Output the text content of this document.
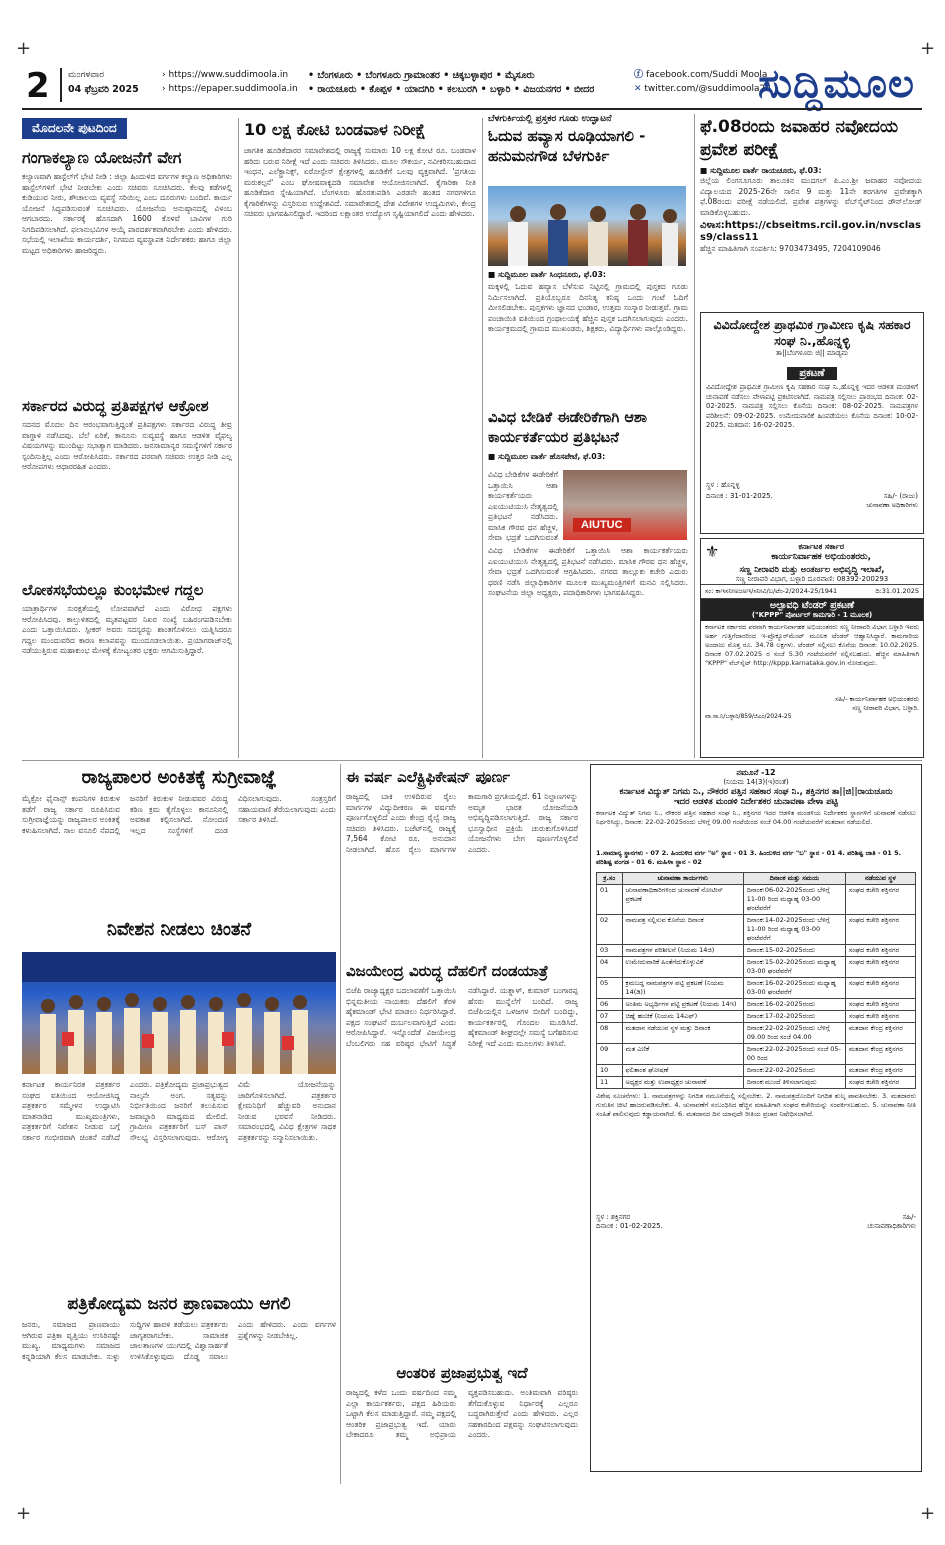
+	+
+	+
2 ಮಂಗಳವಾರ
04 ಫೆಬ್ರವರಿ 2025
› https://www.suddimoola.in
› https://epaper.suddimoola.in
• ಬೆಂಗಳೂರು • ಬೆಂಗಳೂರು ಗ್ರಾಮಾಂತರ • ಚಿಕ್ಕಬಳ್ಳಾಪುರ • ಮೈಸೂರು
• ರಾಯಚೂರು • ಕೊಪ್ಪಳ • ಯಾದಗಿರಿ • ಕಲಬುರಗಿ • ಬಳ್ಳಾರಿ • ವಿಜಯನಗರ • ಬೀದರ
ⓕ facebook.com/Suddi Moola
✕ twitter.com/@suddimoola22
ಸುದ್ದಿಮೂಲ
ಮೊದಲನೇ ಪುಟದಿಂದ
ಗಂಗಾಕಲ್ಯಾಣ ಯೋಜನೆಗೆ ವೇಗ
ಕಲ್ಯಾಣವಾಗಿ ಹಾಸ್ಟೆಲ್‌ಗೆ ಭೇಟಿ ನೀಡಿ : ಜಿಲ್ಲಾ ಹಿಂದುಳಿದ ವರ್ಗಗಳ ಕಲ್ಯಾಣ ಅಧಿಕಾರಿಗಳು ಹಾಸ್ಟೆಲ್‌ಗಳಿಗೆ ಭೇಟಿ ನೀಡಬೇಕು ಎಂದು ಸಚಿವರು ಸೂಚಿಸಿದರು. ಕೆಲವು ಕಡೆಗಳಲ್ಲಿ ಕುಡಿಯುವ ನೀರು, ಶೌಚಾಲಯ ವ್ಯವಸ್ಥೆ ಸರಿಯಿಲ್ಲ ಎಂಬ ದೂರುಗಳು ಬಂದಿವೆ. ಕಾರ್ಯ ಯೋಜನೆ ಸಿದ್ಧಪಡಿಸುವಂತೆ ಸೂಚಿಸಿದರು. ಯೋಜನೆಯ ಅನುಷ್ಠಾನದಲ್ಲಿ ವಿಳಂಬ ಆಗಬಾರದು. ಸರ್ಕಾರಕ್ಕೆ ಹೊಸದಾಗಿ 1600 ಕೊಳವೆ ಬಾವಿಗಳ ಗುರಿ ನಿಗದಿಪಡಿಸಲಾಗಿದೆ. ಫಲಾನುಭವಿಗಳ ಆಯ್ಕೆ ಪಾರದರ್ಶಕವಾಗಿರಬೇಕು ಎಂದು ಹೇಳಿದರು. ಸಭೆಯಲ್ಲಿ ಇಲಾಖೆಯ ಕಾರ್ಯದರ್ಶಿ, ನಿಗಮದ ವ್ಯವಸ್ಥಾಪಕ ನಿರ್ದೇಶಕರು ಹಾಗೂ ಜಿಲ್ಲಾ ಮಟ್ಟದ ಅಧಿಕಾರಿಗಳು ಹಾಜರಿದ್ದರು.
ಸರ್ಕಾರದ ವಿರುದ್ಧ ಪ್ರತಿಪಕ್ಷಗಳ ಆಕ್ರೋಶ
ಸದನದ ಮೊದಲ ದಿನ ಆರಂಭವಾಗುತ್ತಿದ್ದಂತೆ ಪ್ರತಿಪಕ್ಷಗಳು ಸರ್ಕಾರದ ವಿರುದ್ಧ ತೀವ್ರ ವಾಗ್ದಾಳಿ ನಡೆಸಿದವು. ಬೆಲೆ ಏರಿಕೆ, ಕಾನೂನು ಸುವ್ಯವಸ್ಥೆ ಹಾಗೂ ಆಡಳಿತ ವೈಫಲ್ಯ ವಿಷಯಗಳನ್ನು ಮುಂದಿಟ್ಟು ಸಭಾತ್ಯಾಗ ಮಾಡಿದರು. ಜನಸಾಮಾನ್ಯರ ಸಮಸ್ಯೆಗಳಿಗೆ ಸರ್ಕಾರ ಸ್ಪಂದಿಸುತ್ತಿಲ್ಲ ಎಂದು ಆರೋಪಿಸಿದರು. ಸರ್ಕಾರದ ಪರವಾಗಿ ಸಚಿವರು ಉತ್ತರ ನೀಡಿ ಎಲ್ಲ ಆರೋಪಗಳು ಆಧಾರರಹಿತ ಎಂದರು.
ಲೋಕಸಭೆಯಲ್ಲೂ ಕುಂಭಮೇಳ ಗದ್ದಲ
ಯಾತ್ರಾರ್ಥಿಗಳ ಸುರಕ್ಷತೆಯಲ್ಲಿ ಲೋಪವಾಗಿದೆ ಎಂದು ವಿರೋಧ ಪಕ್ಷಗಳು ಆರೋಪಿಸಿದವು. ಕಾಲ್ತುಳಿತದಲ್ಲಿ ಮೃತಪಟ್ಟವರ ನಿಖರ ಸಂಖ್ಯೆ ಬಹಿರಂಗಪಡಿಸಬೇಕು ಎಂದು ಒತ್ತಾಯಿಸಿದರು. ಸ್ಪೀಕರ್ ಅವರು ಸದಸ್ಯರನ್ನು ಶಾಂತಗೊಳಿಸಲು ಯತ್ನಿಸಿದರೂ ಗದ್ದಲ ಮುಂದುವರಿದ ಕಾರಣ ಕಲಾಪವನ್ನು ಮುಂದೂಡಲಾಯಿತು. ಪ್ರಯಾಗರಾಜ್‌ನಲ್ಲಿ ನಡೆಯುತ್ತಿರುವ ಮಹಾಕುಂಭ ಮೇಳಕ್ಕೆ ಕೋಟ್ಯಂತರ ಭಕ್ತರು ಆಗಮಿಸುತ್ತಿದ್ದಾರೆ.
10 ಲಕ್ಷ ಕೋಟಿ ಬಂಡವಾಳ ನಿರೀಕ್ಷೆ
ಜಾಗತಿಕ ಹೂಡಿಕೆದಾರರ ಸಮಾವೇಶದಲ್ಲಿ ರಾಜ್ಯಕ್ಕೆ ಸುಮಾರು 10 ಲಕ್ಷ ಕೋಟಿ ರೂ. ಬಂಡವಾಳ ಹರಿದು ಬರುವ ನಿರೀಕ್ಷೆ ಇದೆ ಎಂದು ಸಚಿವರು ತಿಳಿಸಿದರು. ಮೂಲ ಸೌಕರ್ಯ, ನವೀಕರಿಸಬಹುದಾದ ಇಂಧನ, ಎಲೆಕ್ಟ್ರಾನಿಕ್ಸ್, ಏರೋಸ್ಪೇಸ್ ಕ್ಷೇತ್ರಗಳಲ್ಲಿ ಹೂಡಿಕೆಗೆ ಒಲವು ವ್ಯಕ್ತವಾಗಿದೆ. 'ಪ್ರಗತಿಯ ಮರುಕಲ್ಪನೆ' ಎಂಬ ಘೋಷವಾಕ್ಯದಡಿ ಸಮಾವೇಶ ಆಯೋಜಿಸಲಾಗಿದೆ. ಕೈಗಾರಿಕಾ ನೀತಿ ಹೂಡಿಕೆದಾರ ಸ್ನೇಹಿಯಾಗಿದೆ. ಬೆಂಗಳೂರು ಹೊರತುಪಡಿಸಿ ಎರಡನೇ ಹಂತದ ನಗರಗಳಿಗೂ ಕೈಗಾರಿಕೆಗಳನ್ನು ವಿಸ್ತರಿಸುವ ಉದ್ದೇಶವಿದೆ. ಸಮಾವೇಶದಲ್ಲಿ ದೇಶ ವಿದೇಶಗಳ ಉದ್ಯಮಿಗಳು, ಕೇಂದ್ರ ಸಚಿವರು ಭಾಗವಹಿಸಲಿದ್ದಾರೆ. ಇದರಿಂದ ಲಕ್ಷಾಂತರ ಉದ್ಯೋಗ ಸೃಷ್ಟಿಯಾಗಲಿದೆ ಎಂದು ಹೇಳಿದರು.
ಬೆಳಗುರ್ಕಿಯಲ್ಲಿ ಪ್ರಸ್ತಕರ ಗೂಡು ಉದ್ಘಾಟನೆ
ಓದುವ ಹವ್ಯಾಸ ರೂಢಿಯಾಗಲಿ - ಹನುಮನಗೌಡ ಬೆಳಗುರ್ಕಿ
■ ಸುದ್ದಿಮೂಲ ವಾರ್ತೆ ಸಿಂಧನೂರು, ಫೆ.03:
ಮಕ್ಕಳಲ್ಲಿ ಓದುವ ಹವ್ಯಾಸ ಬೆಳೆಸುವ ನಿಟ್ಟಿನಲ್ಲಿ ಗ್ರಾಮದಲ್ಲಿ ಪುಸ್ತಕದ ಗೂಡು ನಿರ್ಮಿಸಲಾಗಿದೆ. ಪ್ರತಿಯೊಬ್ಬರೂ ದಿನನಿತ್ಯ ಕನಿಷ್ಠ ಒಂದು ಗಂಟೆ ಓದಿಗೆ ಮೀಸಲಿಡಬೇಕು. ಪುಸ್ತಕಗಳು ಜ್ಞಾನದ ಭಂಡಾರ, ಉತ್ತಮ ಸಂಸ್ಕಾರ ನೀಡುತ್ತವೆ. ಗ್ರಾಮ ಪಂಚಾಯಿತಿ ವತಿಯಿಂದ ಗ್ರಂಥಾಲಯಕ್ಕೆ ಹೆಚ್ಚಿನ ಪುಸ್ತಕ ಒದಗಿಸಲಾಗುವುದು ಎಂದರು. ಕಾರ್ಯಕ್ರಮದಲ್ಲಿ ಗ್ರಾಮದ ಮುಖಂಡರು, ಶಿಕ್ಷಕರು, ವಿದ್ಯಾರ್ಥಿಗಳು ಪಾಲ್ಗೊಂಡಿದ್ದರು.
ವಿವಿಧ ಬೇಡಿಕೆ ಈಡೇರಿಕೆಗಾಗಿ ಆಶಾ ಕಾರ್ಯಕರ್ತೆಯರ ಪ್ರತಿಭಟನೆ
■ ಸುದ್ದಿಮೂಲ ವಾರ್ತೆ ಹೊಸಪೇಟೆ, ಫೆ.03:
AIUTUC
ವಿವಿಧ ಬೇಡಿಕೆಗಳ ಈಡೇರಿಕೆಗೆ ಒತ್ತಾಯಿಸಿ ಆಶಾ ಕಾರ್ಯಕರ್ತೆಯರು ಎಐಯುಟಿಯುಸಿ ನೇತೃತ್ವದಲ್ಲಿ ಪ್ರತಿಭಟನೆ ನಡೆಸಿದರು. ಮಾಸಿಕ ಗೌರವ ಧನ ಹೆಚ್ಚಳ, ಸೇವಾ ಭದ್ರತೆ ಒದಗಿಸುವಂತೆ
ವಿವಿಧ ಬೇಡಿಕೆಗಳ ಈಡೇರಿಕೆಗೆ ಒತ್ತಾಯಿಸಿ ಆಶಾ ಕಾರ್ಯಕರ್ತೆಯರು ಎಐಯುಟಿಯುಸಿ ನೇತೃತ್ವದಲ್ಲಿ ಪ್ರತಿಭಟನೆ ನಡೆಸಿದರು. ಮಾಸಿಕ ಗೌರವ ಧನ ಹೆಚ್ಚಳ, ಸೇವಾ ಭದ್ರತೆ ಒದಗಿಸುವಂತೆ ಆಗ್ರಹಿಸಿದರು. ನಗರದ ತಾಲ್ಲೂಕು ಕಚೇರಿ ಎದುರು ಧರಣಿ ನಡೆಸಿ ಜಿಲ್ಲಾಧಿಕಾರಿಗಳ ಮೂಲಕ ಮುಖ್ಯಮಂತ್ರಿಗಳಿಗೆ ಮನವಿ ಸಲ್ಲಿಸಿದರು. ಸಂಘಟನೆಯ ಜಿಲ್ಲಾ ಅಧ್ಯಕ್ಷರು, ಪದಾಧಿಕಾರಿಗಳು ಭಾಗವಹಿಸಿದ್ದರು.
ಫೆ.08ರಂದು ಜವಾಹರ ನವೋದಯ ಪ್ರವೇಶ ಪರೀಕ್ಷೆ
■ ಸುದ್ದಿಮೂಲ ವಾರ್ತೆ ರಾಯಚೂರು, ಫೆ.03:
ಜಿಲ್ಲೆಯ ಲಿಂಗಸೂಗೂರು ತಾಲೂಕಿನ ಮುದಗಲ್ ಪಿ.ಎಂ.ಶ್ರೀ ಜವಾಹರ ನವೋದಯ ವಿದ್ಯಾಲಯದ 2025-26ನೇ ಸಾಲಿನ 9 ಮತ್ತು 11ನೇ ತರಗತಿಗಳ ಪ್ರವೇಶಕ್ಕಾಗಿ ಫೆ.08ರಂದು ಪರೀಕ್ಷೆ ನಡೆಯಲಿದೆ. ಪ್ರವೇಶ ಪತ್ರಗಳನ್ನು ವೆಬ್‌ಸೈಟ್‌ನಿಂದ ಡೌನ್‌ಲೋಡ್ ಮಾಡಿಕೊಳ್ಳಬಹುದು.
ವಿಳಾಸ:https://cbseitms.rcil.gov.in/nvsclass9/class11
ಹೆಚ್ಚಿನ ಮಾಹಿತಿಗಾಗಿ ಸಂಪರ್ಕಿಸಿ: 9703473495, 7204109046
ವಿವಿದೋದ್ದೇಶ ಪ್ರಾಥಮಿಕ ಗ್ರಾಮೀಣ ಕೃಷಿ ಸಹಕಾರ ಸಂಘ ನಿ.,ಹೊನ್ನಳ್ಳಿ
ತಾ||ಬೆಂಗಳೂರು ಜಿ|| ಮಾಡ್ಯಮ
ಪ್ರಕಟಣೆ
ವಿವಿದೋದ್ದೇಶ ಪ್ರಾಥಮಿಕ ಗ್ರಾಮೀಣ ಕೃಷಿ ಸಹಕಾರ ಸಂಘ ನಿ.,ಹೊನ್ನಳ್ಳಿ ಇದರ ಆಡಳಿತ ಮಂಡಳಿಗೆ ಚುನಾವಣೆ ನಡೆಸಲು ವೇಳಾಪಟ್ಟಿ ಪ್ರಕಟಿಸಲಾಗಿದೆ. ನಾಮಪತ್ರ ಸಲ್ಲಿಸಲು ಪ್ರಾರಂಭದ ದಿನಾಂಕ: 02-02-2025. ನಾಮಪತ್ರ ಸಲ್ಲಿಸಲು ಕೊನೆಯ ದಿನಾಂಕ: 08-02-2025. ನಾಮಪತ್ರಗಳ ಪರಿಶೀಲನೆ: 09-02-2025. ಉಮೇದುವಾರಿಕೆ ಹಿಂಪಡೆಯಲು ಕೊನೆಯ ದಿನಾಂಕ: 10-02-2025. ಮತದಾನ: 16-02-2025.
ಸ್ಥಳ : ಹೊನ್ನಳ್ಳಿ
ದಿನಾಂಕ : 31-01-2025.	ಸಹಿ/- (ರಾಜು)
ಚುನಾವಣಾ ಅಧಿಕಾರಿಗಳು
⚜	ಕರ್ನಾಟಕ ಸರ್ಕಾರ
ಕಾರ್ಯನಿರ್ವಾಹಕ ಅಭಿಯಂತರರು,
ಸಣ್ಣ ನೀರಾವರಿ ಮತ್ತು ಅಂತರ್ಜಲ ಅಭಿವೃದ್ಧಿ ಇಲಾಖೆ,
ಸಣ್ಣ ನೀರಾವರಿ ವಿಭಾಗ, ಬಳ್ಳಾರಿ ದೂರವಾಣಿ: 08392-200293
ಸಂ: ಕಾಇಸನೀಅಜಅಇ/ಸನೀವಿ/ಬ/ಟೆಂ-2/2024-25/1941	ದಿ:31.01.2025
ಅಲ್ಪಾವಧಿ ಟೆಂಡರ್ ಪ್ರಕಟಣೆ
("KPPP" ಪೋರ್ಟಲ್ ಕಾಮಗಾರಿ - 1 ಮೂಲಕ)
ಕರ್ನಾಟಕ ಸರ್ಕಾರದ ಪರವಾಗಿ ಕಾರ್ಯನಿರ್ವಾಹಕ ಅಭಿಯಂತರರು ಸಣ್ಣ ನೀರಾವರಿ ವಿಭಾಗ ಬಳ್ಳಾರಿ ಇವರು ಅರ್ಹ ಗುತ್ತಿಗೆದಾರರಿಂದ ಇ-ಪ್ರೊಕ್ಯೂರ್‌ಮೆಂಟ್ ಮೂಲಕ ಟೆಂಡರ್ ಆಹ್ವಾನಿಸಿದ್ದಾರೆ. ಕಾಮಗಾರಿಯ ಅಂದಾಜು ಮೊತ್ತ ರೂ. 34.78 ಲಕ್ಷಗಳು. ಟೆಂಡರ್ ಸಲ್ಲಿಸಲು ಕೊನೆಯ ದಿನಾಂಕ: 10.02.2025. ದಿನಾಂಕ 07.02.2025 ರ ಸಂಜೆ 5.30 ಗಂಟೆಯವರೆಗೆ ಸಲ್ಲಿಸಬಹುದು. ಹೆಚ್ಚಿನ ಮಾಹಿತಿಗಾಗಿ "KPPP" ವೆಬ್‌ಸೈಟ್ http://kppp.karnataka.gov.in ನೋಡುವುದು.
ಸಹಿ/- ಕಾರ್ಯನಿರ್ವಾಹಕ ಅಭಿಯಂತರರು
ಸಣ್ಣ ನೀರಾವರಿ ವಿಭಾಗ, ಬಳ್ಳಾರಿ.
ವಾ.ಸಾ.ನಿ/ಬಳ್ಳಾರಿ/859/ಜಿಎಂ/2024-25
ರಾಜ್ಯಪಾಲರ ಅಂಕಿತಕ್ಕೆ ಸುಗ್ರೀವಾಜ್ಞೆ
ಮೈಕ್ರೋ ಫೈನಾನ್ಸ್ ಕಂಪನಿಗಳ ಕಿರುಕುಳ ತಡೆಗೆ ರಾಜ್ಯ ಸರ್ಕಾರ ರೂಪಿಸಿರುವ ಸುಗ್ರೀವಾಜ್ಞೆಯನ್ನು ರಾಜ್ಯಪಾಲರ ಅಂಕಿತಕ್ಕೆ ಕಳುಹಿಸಲಾಗಿದೆ. ಸಾಲ ವಸೂಲಿ ನೆಪದಲ್ಲಿ ಜನರಿಗೆ ಕಿರುಕುಳ ನೀಡುವವರ ವಿರುದ್ಧ ಕಠಿಣ ಕ್ರಮ ಕೈಗೊಳ್ಳಲು ಕಾನೂನಿನಲ್ಲಿ ಅವಕಾಶ ಕಲ್ಪಿಸಲಾಗಿದೆ. ನೋಂದಣಿ ಇಲ್ಲದ ಸಂಸ್ಥೆಗಳಿಗೆ ದಂಡ ವಿಧಿಸಲಾಗುವುದು. ಸಂತ್ರಸ್ತರಿಗೆ ಸಹಾಯವಾಣಿ ತೆರೆಯಲಾಗುವುದು ಎಂದು ಸರ್ಕಾರ ತಿಳಿಸಿದೆ.
ನಿವೇಶನ ನೀಡಲು ಚಿಂತನೆ
ಕರ್ನಾಟಕ ಕಾರ್ಯನಿರತ ಪತ್ರಕರ್ತರ ಸಂಘದ ವತಿಯಿಂದ ಆಯೋಜಿಸಿದ್ದ ಪತ್ರಕರ್ತರ ಸಮ್ಮೇಳನ ಉದ್ಘಾಟಿಸಿ ಮಾತನಾಡಿದ ಮುಖ್ಯಮಂತ್ರಿಗಳು, ಪತ್ರಕರ್ತರಿಗೆ ನಿವೇಶನ ನೀಡುವ ಬಗ್ಗೆ ಸರ್ಕಾರ ಗಂಭೀರವಾಗಿ ಚಿಂತನೆ ನಡೆಸಿದೆ ಎಂದರು. ಪತ್ರಿಕೋದ್ಯಮ ಪ್ರಜಾಪ್ರಭುತ್ವದ ನಾಲ್ಕನೇ ಅಂಗ. ಸತ್ಯವನ್ನು ನಿರ್ಭೀತಿಯಿಂದ ಜನರಿಗೆ ತಲುಪಿಸುವ ಜವಾಬ್ದಾರಿ ಮಾಧ್ಯಮದ ಮೇಲಿದೆ. ಗ್ರಾಮೀಣ ಪತ್ರಕರ್ತರಿಗೆ ಬಸ್ ಪಾಸ್ ಸೌಲಭ್ಯ ವಿಸ್ತರಿಸಲಾಗುವುದು. ಆರೋಗ್ಯ ವಿಮೆ ಯೋಜನೆಯನ್ನು ಜಾರಿಗೊಳಿಸಲಾಗಿದೆ. ಪತ್ರಕರ್ತರ ಕ್ಷೇಮನಿಧಿಗೆ ಹೆಚ್ಚುವರಿ ಅನುದಾನ ನೀಡುವ ಭರವಸೆ ನೀಡಿದರು. ಸಮಾರಂಭದಲ್ಲಿ ವಿವಿಧ ಕ್ಷೇತ್ರಗಳ ಸಾಧಕ ಪತ್ರಕರ್ತರನ್ನು ಸನ್ಮಾನಿಸಲಾಯಿತು.
ಪತ್ರಿಕೋದ್ಯಮ ಜನರ ಪ್ರಾಣವಾಯು ಆಗಲಿ
ಜನರು, ಸಮಾಜದ ಪ್ರಾಣವಾಯು ಆಗಿರುವ ಪತ್ರಿಕಾ ವೃತ್ತಿಯು ಉಸಿರಿನಷ್ಟೇ ಮುಖ್ಯ. ಮಾಧ್ಯಮಗಳು ಸಮಾಜದ ಕನ್ನಡಿಯಾಗಿ ಕೆಲಸ ಮಾಡಬೇಕು. ಸುಳ್ಳು ಸುದ್ದಿಗಳ ಹಾವಳಿ ತಡೆಯಲು ಪತ್ರಕರ್ತರು ಜಾಗೃತರಾಗಬೇಕು. ಸಾಮಾಜಿಕ ಜಾಲತಾಣಗಳ ಯುಗದಲ್ಲಿ ವಿಶ್ವಾಸಾರ್ಹತೆ ಉಳಿಸಿಕೊಳ್ಳುವುದು ದೊಡ್ಡ ಸವಾಲು ಎಂದು ಹೇಳಿದರು. ಎಂದು ವರ್ಗಗಳ ಪ್ರಶ್ನೆಗಳನ್ನು ನೀಡಬೇಕಿಲ್ಲ.
ಈ ವರ್ಷ ಎಲೆಕ್ಟ್ರಿಫಿಕೇಷನ್ ಪೂರ್ಣ
ರಾಜ್ಯದಲ್ಲಿ ಬಾಕಿ ಉಳಿದಿರುವ ರೈಲು ಮಾರ್ಗಗಳ ವಿದ್ಯುದೀಕರಣ ಈ ವರ್ಷವೇ ಪೂರ್ಣಗೊಳ್ಳಲಿದೆ ಎಂದು ಕೇಂದ್ರ ರೈಲ್ವೆ ರಾಜ್ಯ ಸಚಿವರು ತಿಳಿಸಿದರು. ಬಜೆಟ್‌ನಲ್ಲಿ ರಾಜ್ಯಕ್ಕೆ 7,564 ಕೋಟಿ ರೂ. ಅನುದಾನ ನೀಡಲಾಗಿದೆ. ಹೊಸ ರೈಲು ಮಾರ್ಗಗಳ ಕಾಮಗಾರಿ ಪ್ರಗತಿಯಲ್ಲಿದೆ. 61 ನಿಲ್ದಾಣಗಳನ್ನು ಅಮೃತ ಭಾರತ ಯೋಜನೆಯಡಿ ಅಭಿವೃದ್ಧಿಪಡಿಸಲಾಗುತ್ತಿದೆ. ರಾಜ್ಯ ಸರ್ಕಾರ ಭೂಸ್ವಾಧೀನ ಪ್ರಕ್ರಿಯೆ ಚುರುಕುಗೊಳಿಸಿದರೆ ಯೋಜನೆಗಳು ಬೇಗ ಪೂರ್ಣಗೊಳ್ಳಲಿವೆ ಎಂದರು.
ವಿಜಯೇಂದ್ರ ವಿರುದ್ಧ ದೆಹಲಿಗೆ ದಂಡಯಾತ್ರೆ
ಬಿಜೆಪಿ ರಾಜ್ಯಾಧ್ಯಕ್ಷರ ಬದಲಾವಣೆಗೆ ಒತ್ತಾಯಿಸಿ ಭಿನ್ನಮತೀಯ ನಾಯಕರು ದೆಹಲಿಗೆ ತೆರಳಿ ಹೈಕಮಾಂಡ್ ಭೇಟಿ ಮಾಡಲು ನಿರ್ಧರಿಸಿದ್ದಾರೆ. ಪಕ್ಷದ ಸಂಘಟನೆ ದುರ್ಬಲವಾಗುತ್ತಿದೆ ಎಂದು ಆರೋಪಿಸಿದ್ದಾರೆ. ಇನ್ನೊಂದೆಡೆ ವಿಜಯೇಂದ್ರ ಬೆಂಬಲಿಗರು ಸಹ ವರಿಷ್ಠರ ಭೇಟಿಗೆ ಸಿದ್ಧತೆ ನಡೆಸಿದ್ದಾರೆ. ಯತ್ನಾಳ್, ಕುಮಾರ್ ಬಂಗಾರಪ್ಪ ಹೆಸರು ಮುನ್ನೆಲೆಗೆ ಬಂದಿದೆ. ರಾಜ್ಯ ಬಿಜೆಪಿಯಲ್ಲಿನ ಒಳಜಗಳ ಬೀದಿಗೆ ಬಂದಿದ್ದು, ಕಾರ್ಯಕರ್ತರಲ್ಲಿ ಗೊಂದಲ ಮೂಡಿಸಿದೆ. ಹೈಕಮಾಂಡ್ ಶೀಘ್ರದಲ್ಲೇ ಸಮಸ್ಯೆ ಬಗೆಹರಿಸುವ ನಿರೀಕ್ಷೆ ಇದೆ ಎಂದು ಮೂಲಗಳು ತಿಳಿಸಿವೆ.
ಆಂತರಿಕ ಪ್ರಜಾಪ್ರಭುತ್ವ ಇದೆ
ರಾಜ್ಯದಲ್ಲಿ ಕಳೆದ ಒಂದು ವರ್ಷದಿಂದ ನಮ್ಮ ಎಲ್ಲಾ ಕಾರ್ಯಕರ್ತರು, ಪಕ್ಷದ ಹಿರಿಯರು ಒಟ್ಟಾಗಿ ಕೆಲಸ ಮಾಡುತ್ತಿದ್ದಾರೆ. ನಮ್ಮ ಪಕ್ಷದಲ್ಲಿ ಆಂತರಿಕ ಪ್ರಜಾಪ್ರಭುತ್ವ ಇದೆ. ಯಾರು ಬೇಕಾದರೂ ತಮ್ಮ ಅಭಿಪ್ರಾಯ ವ್ಯಕ್ತಪಡಿಸಬಹುದು. ಅಂತಿಮವಾಗಿ ವರಿಷ್ಠರು ತೆಗೆದುಕೊಳ್ಳುವ ನಿರ್ಧಾರಕ್ಕೆ ಎಲ್ಲರೂ ಬದ್ಧರಾಗಿರುತ್ತೇವೆ ಎಂದು ಹೇಳಿದರು. ಎಲ್ಲರ ಸಹಕಾರದಿಂದ ಪಕ್ಷವನ್ನು ಸಂಘಟಿಸಲಾಗುವುದು ಎಂದರು.
ನಮೂನೆ -12
(ನಿಯಮ 14(3)(ಇ)ರಂತೆ)
ಕರ್ನಾಟಕ ವಿದ್ಯುತ್ ನಿಗಮ ನಿ., ನೌಕರರ ಪತ್ತಿನ ಸಹಕಾರ ಸಂಘ ನಿ., ಶಕ್ತಿನಗರ ತಾ||ಜಿ||ರಾಯಚೂರು
ಇದರ ಆಡಳಿತ ಮಂಡಳಿ ನಿರ್ದೇಶಕರ ಚುನಾವಣಾ ವೇಳಾ ಪಟ್ಟಿ
ಕರ್ನಾಟಕ ವಿದ್ಯುತ್ ನಿಗಮ ನಿ., ನೌಕರರ ಪತ್ತಿನ ಸಹಕಾರ ಸಂಘ ನಿ., ಶಕ್ತಿನಗರ ಇದರ ಆಡಳಿತ ಮಂಡಳಿಯ ನಿರ್ದೇಶಕರ ಸ್ಥಾನಗಳಿಗೆ ಚುನಾವಣೆ ನಡೆಸಲು ನಿರ್ಧರಿಸಿದ್ದು, ದಿನಾಂಕ: 22-02-2025ರಂದು ಬೆಳಿಗ್ಗೆ 09.00 ಗಂಟೆಯಿಂದ ಸಂಜೆ 04.00 ಗಂಟೆಯವರೆಗೆ ಮತದಾನ ನಡೆಯಲಿದೆ.
1.ಸಾಮಾನ್ಯ ಸ್ಥಾನಗಳು - 07 2. ಹಿಂದುಳಿದ ವರ್ಗ "ಅ" ಸ್ಥಾನ - 01 3. ಹಿಂದುಳಿದ ವರ್ಗ "ಬ" ಸ್ಥಾನ - 01 4. ಪರಿಶಿಷ್ಟ ಜಾತಿ - 01 5. ಪರಿಶಿಷ್ಟ ಪಂಗಡ - 01 6. ಮಹಿಳಾ ಸ್ಥಾನ - 02
ಕ್ರ.ಸಂ	ಚುನಾವಣಾ ಕಾರ್ಯಗಳು	ದಿನಾಂಕ ಮತ್ತು ಸಮಯ	ನಡೆಯುವ ಸ್ಥಳ
01	ಚುನಾವಣಾಧಿಕಾರಿಗಳಿಂದ ಚುನಾವಣೆ ನೋಟೀಸ್ ಪ್ರಕಟಣೆ	ದಿನಾಂಕ:06-02-2025ರಂದು ಬೆಳಿಗ್ಗೆ 11-00 ರಿಂದ ಮಧ್ಯಾಹ್ನ 03-00 ಘಂಟೆವರೆಗೆ	ಸಂಘದ ಕಚೇರಿ ಶಕ್ತಿನಗರ
02	ನಾಮಪತ್ರ ಸಲ್ಲಿಸುವ ಕೊನೆಯ ದಿನಾಂಕ	ದಿನಾಂಕ:14-02-2025ರಂದು ಬೆಳಿಗ್ಗೆ 11-00 ರಿಂದ ಮಧ್ಯಾಹ್ನ 03-00 ಘಂಟೆವರೆಗೆ	ಸಂಘದ ಕಚೇರಿ ಶಕ್ತಿನಗರ
03	ನಾಮಪತ್ರಗಳ ಪರಿಶೀಲನೆ (ನಿಯಮ 14ಜಿ)	ದಿನಾಂಕ:15-02-2025ರಂದು	ಸಂಘದ ಕಚೇರಿ ಶಕ್ತಿನಗರ
04	ಉಮೇದುವಾರಿಕೆ ಹಿಂತೆಗೆದುಕೊಳ್ಳುವಿಕೆ	ದಿನಾಂಕ:15-02-2025ರಂದು ಮಧ್ಯಾಹ್ನ 03-00 ಘಂಟೆವರೆಗೆ	ಸಂಘದ ಕಚೇರಿ ಶಕ್ತಿನಗರ
05	ಕ್ರಮಬದ್ಧ ನಾಮಪತ್ರಗಳ ಪಟ್ಟಿ ಪ್ರಕಟಣೆ (ನಿಯಮ 14(ಡಿ))	ದಿನಾಂಕ:16-02-2025ರಂದು ಮಧ್ಯಾಹ್ನ 03-00 ಘಂಟೆವರೆಗೆ	ಸಂಘದ ಕಚೇರಿ ಶಕ್ತಿನಗರ
06	ಅಂತಿಮ ಅಭ್ಯರ್ಥಿಗಳ ಪಟ್ಟಿ ಪ್ರಕಟಣೆ (ನಿಯಮ 14ಇ)	ದಿನಾಂಕ:16-02-2025ರಂದು	ಸಂಘದ ಕಚೇರಿ ಶಕ್ತಿನಗರ
07	ಚಿಹ್ನೆ ಹಂಚಿಕೆ (ನಿಯಮ 14ಎಫ್)	ದಿನಾಂಕ:17-02-2025ರಂದು	ಸಂಘದ ಕಚೇರಿ ಶಕ್ತಿನಗರ
08	ಮತದಾನ ನಡೆಯುವ ಸ್ಥಳ ಮತ್ತು ದಿನಾಂಕ	ದಿನಾಂಕ:22-02-2025ರಂದು ಬೆಳಿಗ್ಗೆ 09.00 ರಿಂದ ಸಂಜೆ 04.00	ಮತದಾನ ಕೇಂದ್ರ ಶಕ್ತಿನಗರ
09	ಮತ ಎಣಿಕೆ	ದಿನಾಂಕ:22-02-2025ರಂದು ಸಂಜೆ 05-00 ರಿಂದ	ಮತದಾನ ಕೇಂದ್ರ ಶಕ್ತಿನಗರ
10	ಫಲಿತಾಂಶ ಘೋಷಣೆ	ದಿನಾಂಕ:22-02-2025ರಂದು	ಮತದಾನ ಕೇಂದ್ರ ಶಕ್ತಿನಗರ
11	ಅಧ್ಯಕ್ಷರ ಮತ್ತು ಉಪಾಧ್ಯಕ್ಷರ ಚುನಾವಣೆ	ದಿನಾಂಕ:ಮುಂದೆ ತಿಳಿಸಲಾಗುವುದು	ಸಂಘದ ಕಚೇರಿ ಶಕ್ತಿನಗರ
ವಿಶೇಷ ಸೂಚನೆಗಳು: 1. ನಾಮಪತ್ರಗಳನ್ನು ನಿಗದಿತ ನಮೂನೆಯಲ್ಲಿ ಸಲ್ಲಿಸಬೇಕು. 2. ನಾಮಪತ್ರದೊಂದಿಗೆ ನಿಗದಿತ ಶುಲ್ಕ ಪಾವತಿಸಬೇಕು. 3. ಮತದಾರರು ಗುರುತಿನ ಚೀಟಿ ಹಾಜರುಪಡಿಸಬೇಕು. 4. ಚುನಾವಣೆಗೆ ಸಂಬಂಧಿಸಿದ ಹೆಚ್ಚಿನ ಮಾಹಿತಿಗಾಗಿ ಸಂಘದ ಕಚೇರಿಯನ್ನು ಸಂಪರ್ಕಿಸಬಹುದು. 5. ಚುನಾವಣಾ ನೀತಿ ಸಂಹಿತೆ ಪಾಲಿಸುವುದು ಕಡ್ಡಾಯವಾಗಿದೆ. 6. ಮತದಾನದ ದಿನ ಯಾವುದೇ ರೀತಿಯ ಪ್ರಚಾರ ನಿಷೇಧಿಸಲಾಗಿದೆ.
ಸ್ಥಳ : ಶಕ್ತಿನಗರ	ಸಹಿ/-
ದಿನಾಂಕ : 01-02-2025.	ಚುನಾವಣಾಧಿಕಾರಿಗಳು
